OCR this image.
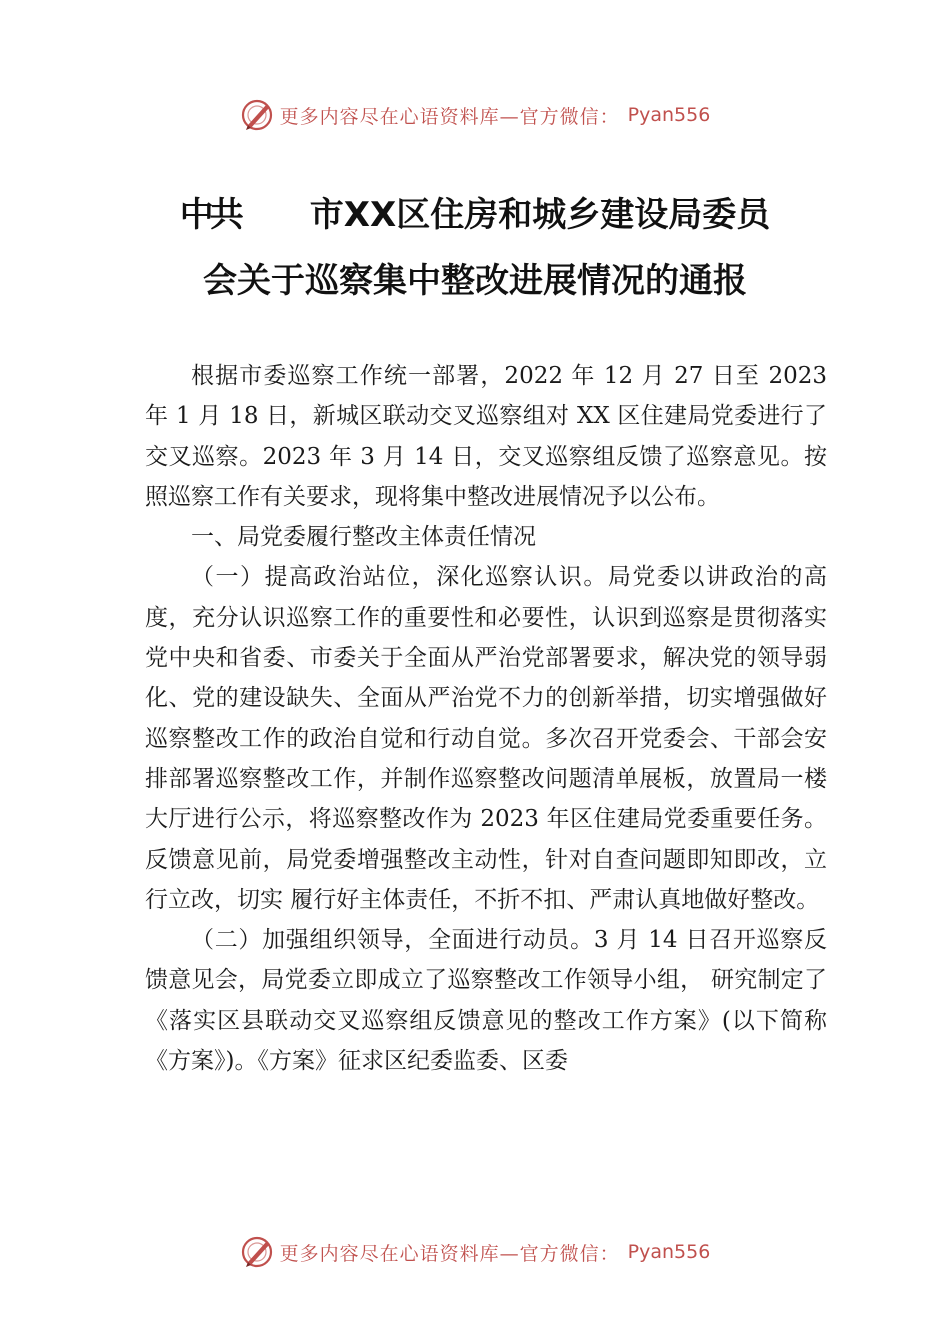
更多内容尽在心语资料库—官方微信： Pyan556
中共 市XX区住房和城乡建设局委员
会关于巡察集中整改进展情况的通报

根据市委巡察工作统一部署，2022 年 12 月 27 日至 2023 年 1 月 18 日，新城区联动交叉巡察组对 XX 区住建局党委进行了交叉巡察。2023 年 3 月 14 日，交叉巡察组反馈了巡察意见。按照巡察工作有关要求，现将集中整改进展情况予以公布。

一、局党委履行整改主体责任情况

（一）提高政治站位，深化巡察认识。局党委以讲政治的高度，充分认识巡察工作的重要性和必要性，认识到巡察是贯彻落实党中央和省委、市委关于全面从严治党部署要求，解决党的领导弱化、党的建设缺失、全面从严治党不力的创新举措，切实增强做好巡察整改工作的政治自觉和行动自觉。多次召开党委会、干部会安排部署巡察整改工作，并制作巡察整改问题清单展板，放置局一楼大厅进行公示，将巡察整改作为 2023 年区住建局党委重要任务。反馈意见前，局党委增强整改主动性，针对自查问题即知即改，立行立改，切实 履行好主体责任，不折不扣、严肃认真地做好整改。

（二）加强组织领导，全面进行动员。3 月 14 日召开巡察反馈意见会，局党委立即成立了巡察整改工作领导小组， 研究制定了《落实区县联动交叉巡察组反馈意见的整改工作方案》(以下简称《方案》)。《方案》征求区纪委监委、区委

更多内容尽在心语资料库—官方微信： Pyan556
